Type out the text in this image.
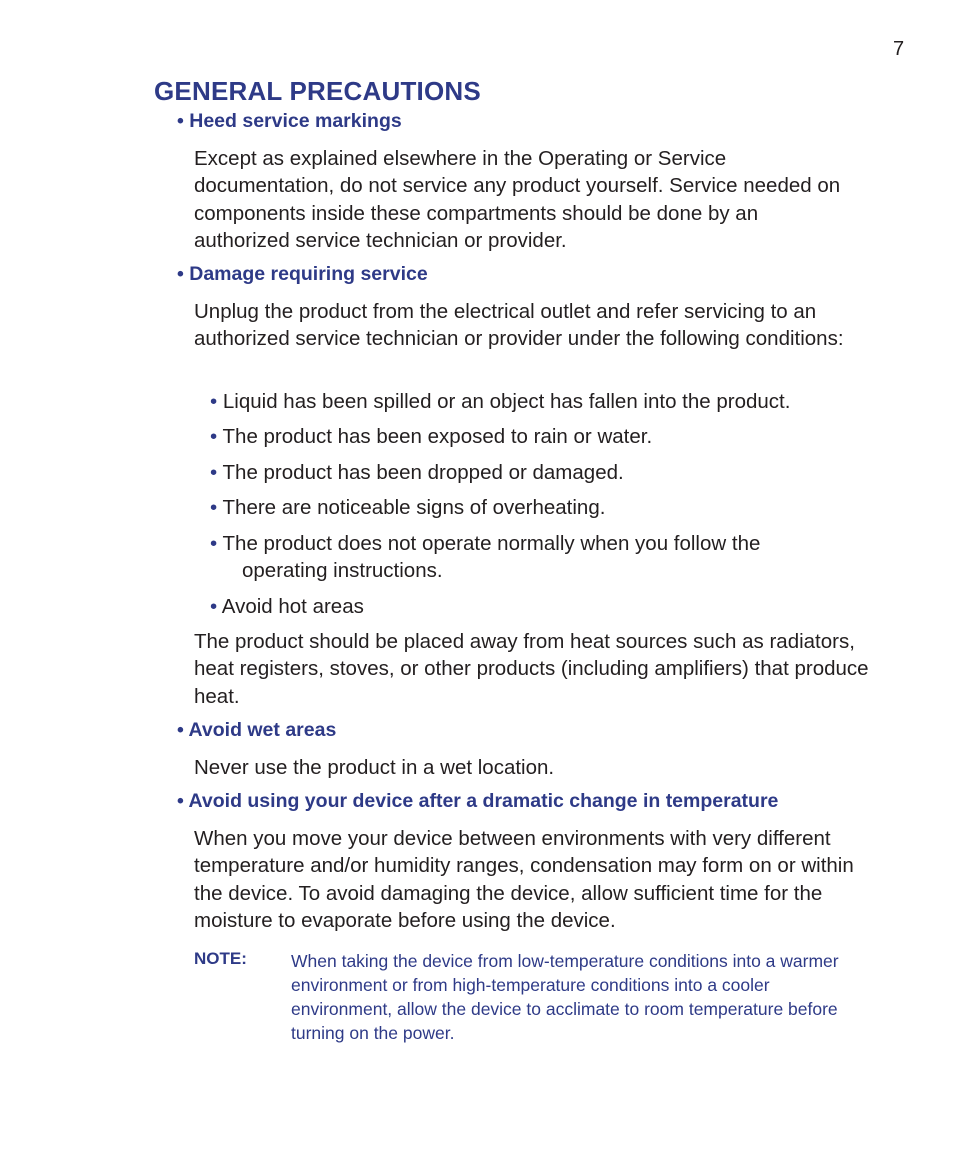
7
GENERAL PRECAUTIONS
• Heed service markings

Except as explained elsewhere in the Operating or Service documentation, do not service any product yourself. Service needed on components inside these compartments should be done by an authorized service technician or provider.

• Damage requiring service

Unplug the product from the electrical outlet and refer servicing to an authorized service technician or provider under the following conditions:

• Liquid has been spilled or an object has fallen into the product.
• The product has been exposed to rain or water.
• The product has been dropped or damaged.
• There are noticeable signs of overheating.
• The product does not operate normally when you follow the
operating instructions.
• Avoid hot areas

The product should be placed away from heat sources such as radiators, heat registers, stoves, or other products (including amplifiers) that produce heat.

• Avoid wet areas

Never use the product in a wet location.

• Avoid using your device after a dramatic change in temperature

When you move your device between environments with very different temperature and/or humidity ranges, condensation may form on or within the device. To avoid damaging the device, allow sufficient time for the moisture to evaporate before using the device.

NOTE:	When taking the device from low-temperature conditions into a warmer environment or from high-temperature conditions into a cooler environment, allow the device to acclimate to room temperature before turning on the power.
